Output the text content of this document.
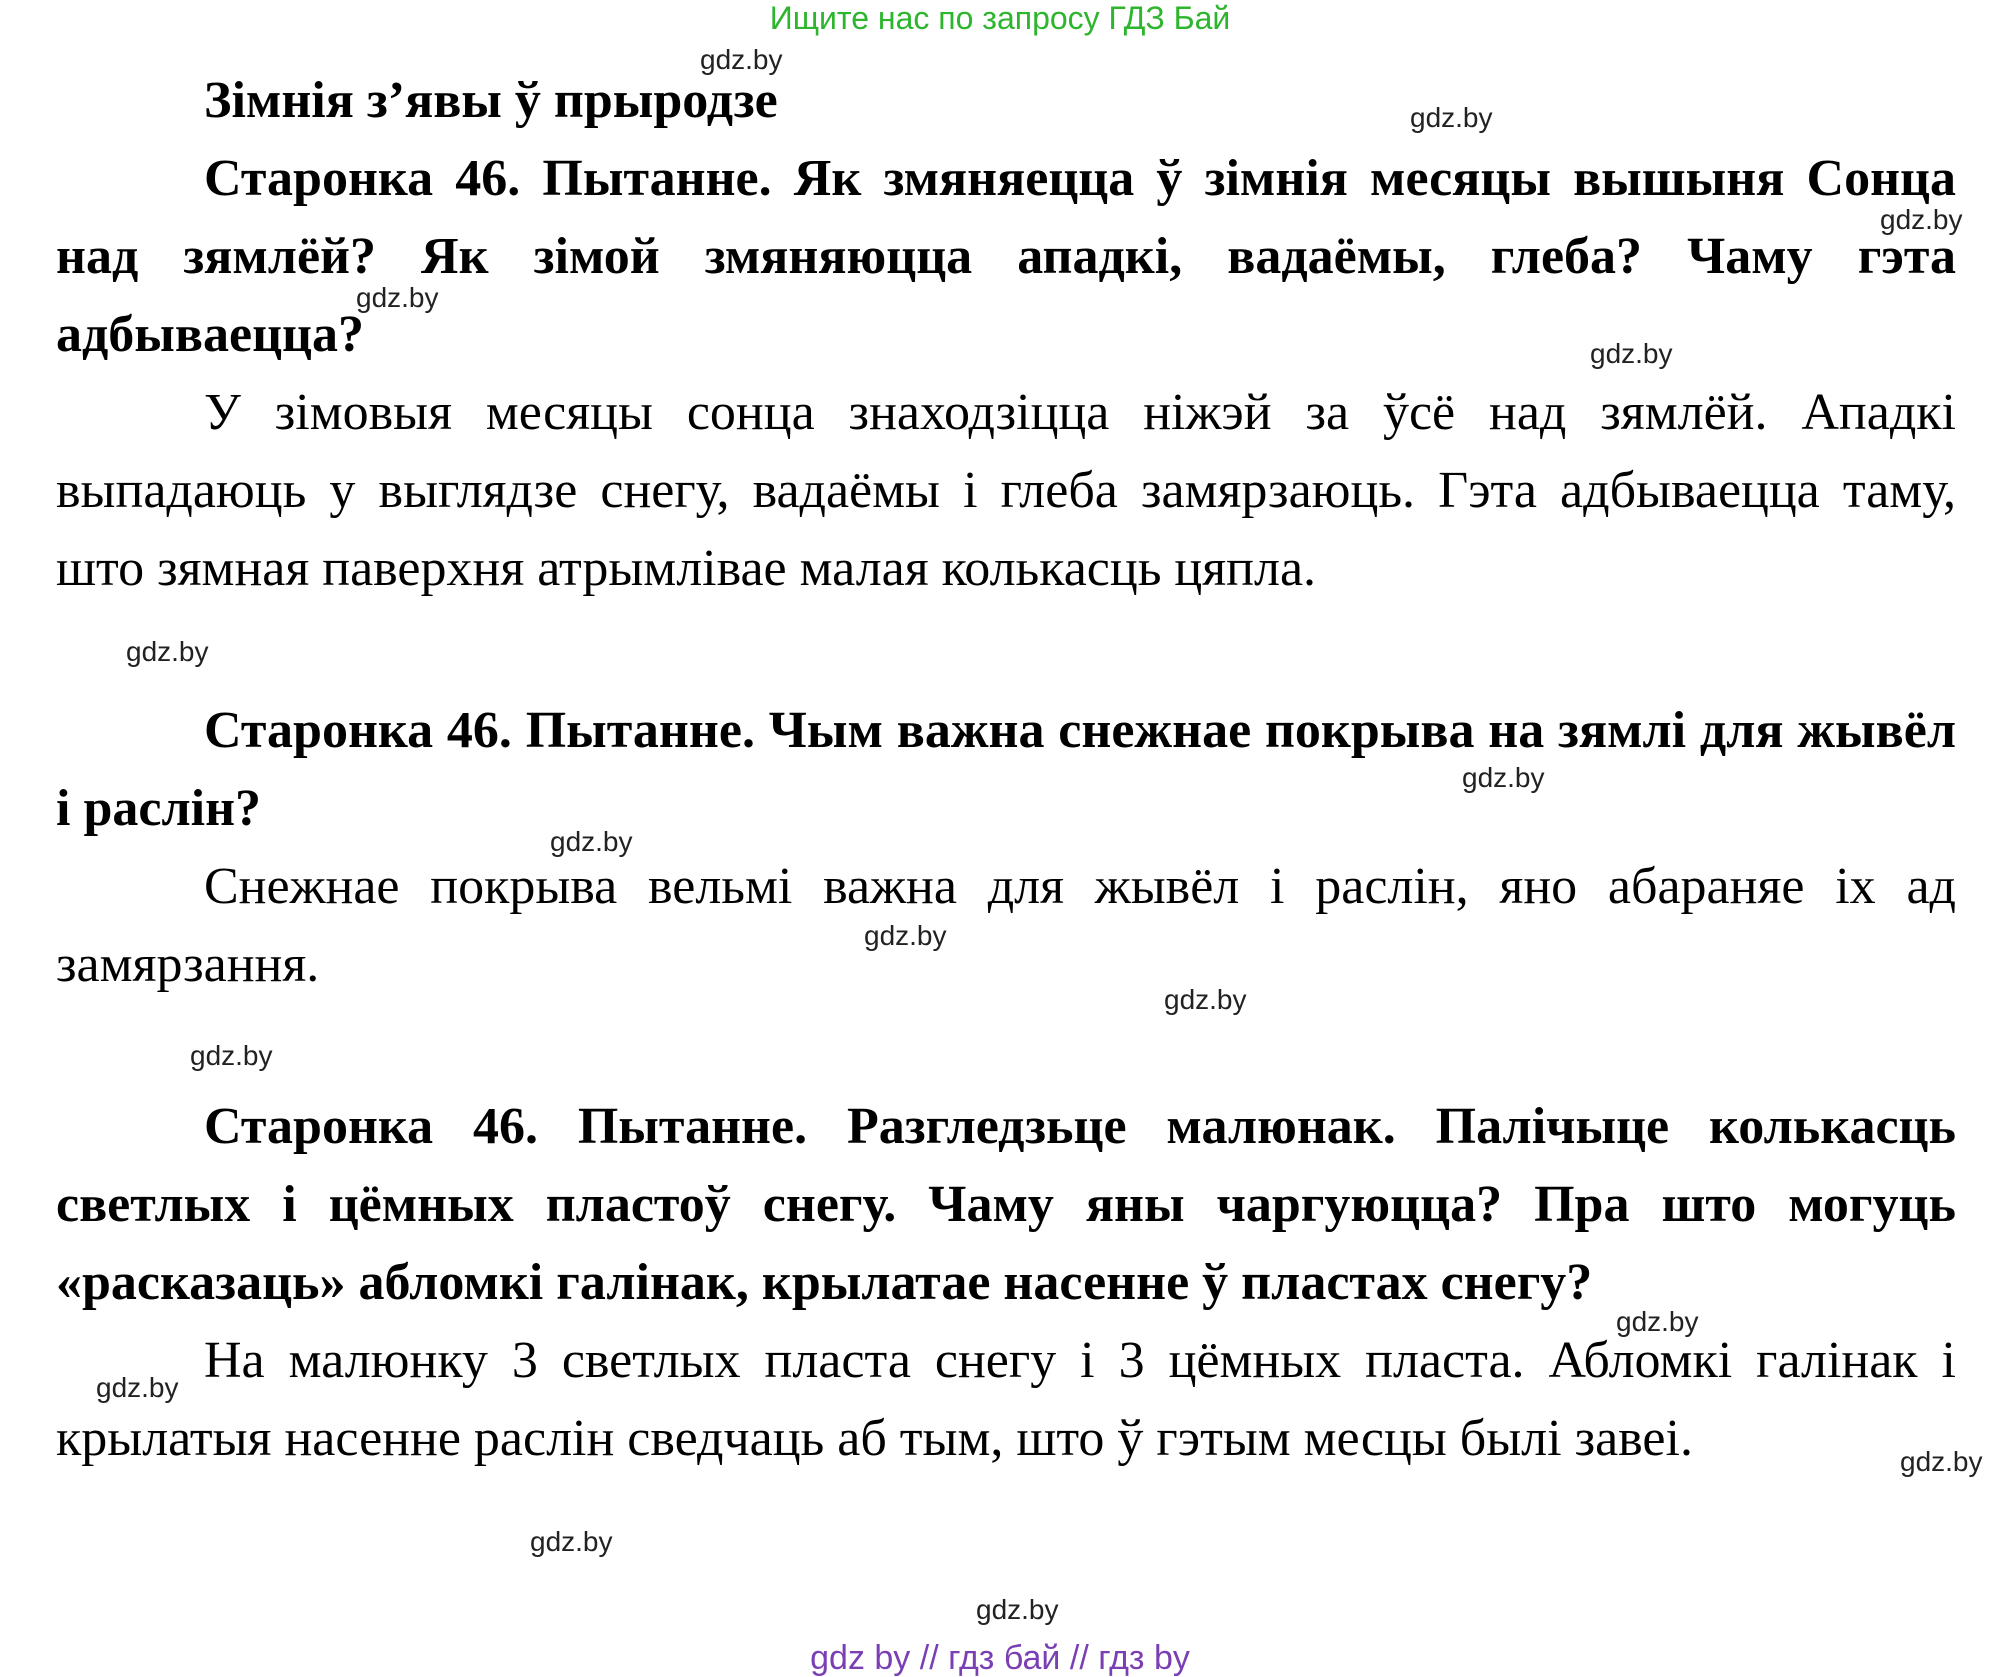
Ищите нас по запросу ГДЗ Бай

Зімнія з’явы ў прыродзе

Старонка 46. Пытанне. Як змяняецца ў зімнія месяцы вышыня Сонца над зямлёй? Як зімой змяняюцца ападкі, вадаёмы, глеба? Чаму гэта адбываецца?

У зімовыя месяцы сонца знаходзіцца ніжэй за ўсё над зямлёй. Ападкі выпадаюць у выглядзе снегу, вадаёмы і глеба замярзаюць. Гэта адбываецца таму, што зямная паверхня атрымлівае малая колькасць цяпла.

Старонка 46. Пытанне. Чым важна снежнае покрыва на зямлі для жывёл і раслін?

Снежнае покрыва вельмі важна для жывёл і раслін, яно абараняе іх ад замярзання.

Старонка 46. Пытанне. Разгледзьце малюнак. Палічыце колькасць светлых і цёмных пластоў снегу. Чаму яны чаргуюцца? Пра што могуць «расказаць» абломкі галінак, крылатае насенне ў пластах снегу?

На малюнку 3 светлых пласта снегу і 3 цёмных пласта. Абломкі галінак і крылатыя насенне раслін сведчаць аб тым, што ў гэтым месцы былі завеі.

gdz.by
gdz.by
gdz.by
gdz.by
gdz.by
gdz.by
gdz.by
gdz.by
gdz.by
gdz.by
gdz.by
gdz.by
gdz.by
gdz.by
gdz.by
gdz.by
gdz by // гдз бай // гдз by
